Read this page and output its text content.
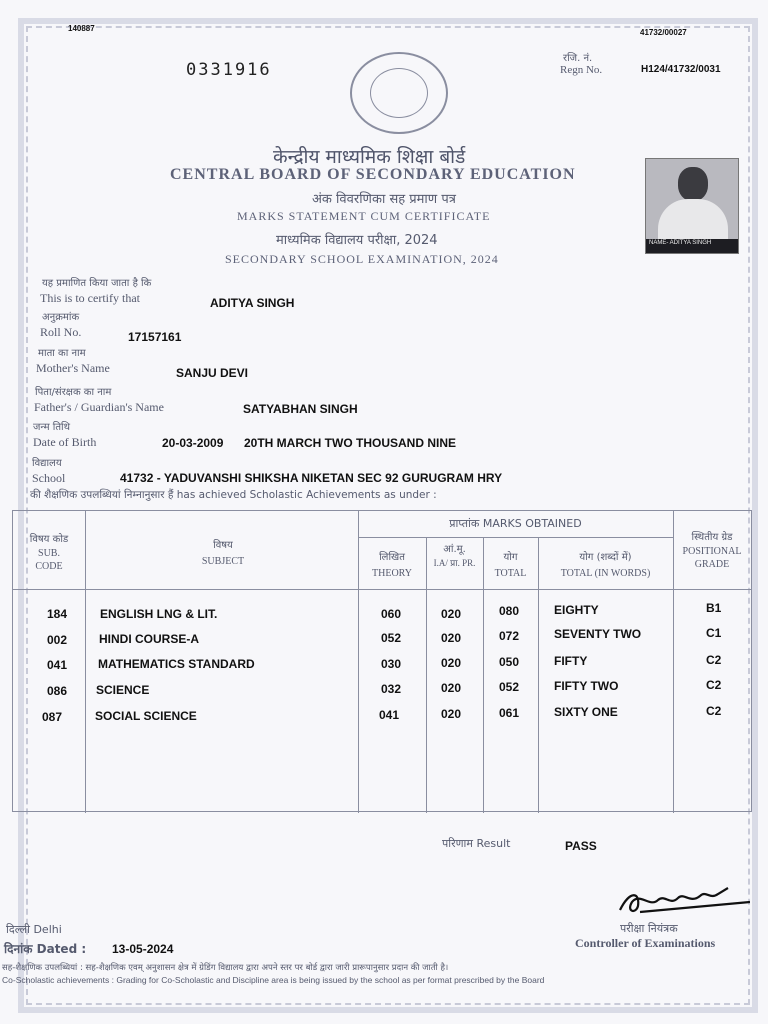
140887	41732/00027
0331916
रजि. नं.
Regn No.	H124/41732/0031
केन्द्रीय माध्यमिक शिक्षा बोर्ड
CENTRAL BOARD OF SECONDARY EDUCATION
अंक विवरणिका सह प्रमाण पत्र
MARKS STATEMENT CUM CERTIFICATE
माध्यमिक विद्यालय परीक्षा, 2024
SECONDARY SCHOOL EXAMINATION, 2024
NAME- ADITYA SINGH
यह प्रमाणित किया जाता है कि
This is to certify that	ADITYA SINGH
अनुक्रमांक
Roll No.	17157161
माता का नाम
Mother's Name	SANJU DEVI
पिता/संरक्षक का नाम
Father's / Guardian's Name	SATYABHAN SINGH
जन्म तिथि
Date of Birth	20-03-2009 20TH MARCH TWO THOUSAND NINE
विद्यालय
School	41732 - YADUVANSHI SHIKSHA NIKETAN SEC 92 GURUGRAM HRY
की शैक्षणिक उपलब्धियां निम्नानुसार हैं has achieved Scholastic Achievements as under :
विषय कोड
SUB. CODE
विषय
SUBJECT
प्राप्तांक MARKS OBTAINED
लिखित
THEORY
आं.मू.
I.A/ प्रा. PR.	योग
TOTAL
योग (शब्दों में)
TOTAL (IN WORDS)
स्थितीय ग्रेड
POSITIONAL GRADE
184	ENGLISH LNG & LIT.	060	020	080	EIGHTY	B1
002	HINDI COURSE-A	052	020	072	SEVENTY TWO	C1
041	MATHEMATICS STANDARD	030	020	050	FIFTY	C2
086 SCIENCE	032	020	052	FIFTY TWO	C2
087	SOCIAL SCIENCE	041	020	061	SIXTY ONE	C2
परिणाम Result	PASS
दिल्ली Delhi
दिनांक Dated : 13-05-2024
परीक्षा नियंत्रक
Controller of Examinations
सह-शैक्षणिक उपलब्धियां : सह-शैक्षणिक एवम् अनुशासन क्षेत्र में ग्रेडिंग विद्यालय द्वारा अपने स्तर पर बोर्ड द्वारा जारी प्रारूपानुसार प्रदान की जाती है।
Co-Scholastic achievements : Grading for Co-Scholastic and Discipline area is being issued by the school as per format prescribed by the Board
